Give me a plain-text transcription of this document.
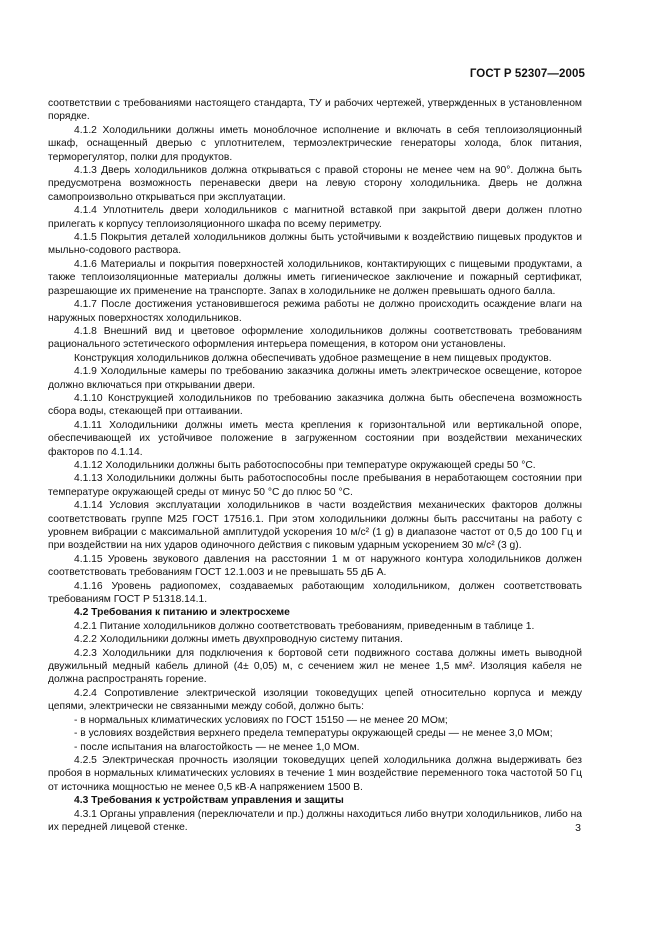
ГОСТ Р 52307—2005

соответствии с требованиями настоящего стандарта, ТУ и рабочих чертежей, утвержденных в установленном порядке.

4.1.2 Холодильники должны иметь моноблочное исполнение и включать в себя теплоизоляционный шкаф, оснащенный дверью с уплотнителем, термоэлектрические генераторы холода, блок питания, терморегулятор, полки для продуктов.

4.1.3 Дверь холодильников должна открываться с правой стороны не менее чем на 90°. Должна быть предусмотрена возможность перенавески двери на левую сторону холодильника. Дверь не должна самопроизвольно открываться при эксплуатации.

4.1.4 Уплотнитель двери холодильников с магнитной вставкой при закрытой двери должен плотно прилегать к корпусу теплоизоляционного шкафа по всему периметру.

4.1.5 Покрытия деталей холодильников должны быть устойчивыми к воздействию пищевых продуктов и мыльно-содового раствора.

4.1.6 Материалы и покрытия поверхностей холодильников, контактирующих с пищевыми продуктами, а также теплоизоляционные материалы должны иметь гигиеническое заключение и пожарный сертификат, разрешающие их применение на транспорте. Запах в холодильнике не должен превышать одного балла.

4.1.7 После достижения установившегося режима работы не должно происходить осаждение влаги на наружных поверхностях холодильников.

4.1.8 Внешний вид и цветовое оформление холодильников должны соответствовать требованиям рационального эстетического оформления интерьера помещения, в котором они установлены.

Конструкция холодильников должна обеспечивать удобное размещение в нем пищевых продуктов.

4.1.9 Холодильные камеры по требованию заказчика должны иметь электрическое освещение, которое должно включаться при открывании двери.

4.1.10 Конструкцией холодильников по требованию заказчика должна быть обеспечена возможность сбора воды, стекающей при оттаивании.

4.1.11 Холодильники должны иметь места крепления к горизонтальной или вертикальной опоре, обеспечивающей их устойчивое положение в загруженном состоянии при воздействии механических факторов по 4.1.14.

4.1.12 Холодильники должны быть работоспособны при температуре окружающей среды 50 °С.

4.1.13 Холодильники должны быть работоспособны после пребывания в неработающем состоянии при температуре окружающей среды от минус 50 °С до плюс 50 °С.

4.1.14 Условия эксплуатации холодильников в части воздействия механических факторов должны соответствовать группе М25 ГОСТ 17516.1. При этом холодильники должны быть рассчитаны на работу с уровнем вибрации с максимальной амплитудой ускорения 10 м/с² (1 g) в диапазоне частот от 0,5 до 100 Гц и при воздействии на них ударов одиночного действия с пиковым ударным ускорением 30 м/с² (3 g).

4.1.15 Уровень звукового давления на расстоянии 1 м от наружного контура холодильников должен соответствовать требованиям ГОСТ 12.1.003 и не превышать 55 дБ А.

4.1.16 Уровень радиопомех, создаваемых работающим холодильником, должен соответствовать требованиям ГОСТ Р 51318.14.1.

4.2 Требования к питанию и электросхеме

4.2.1 Питание холодильников должно соответствовать требованиям, приведенным в таблице 1.

4.2.2 Холодильники должны иметь двухпроводную систему питания.

4.2.3 Холодильники для подключения к бортовой сети подвижного состава должны иметь выводной двужильный медный кабель длиной (4± 0,05) м, с сечением жил не менее 1,5 мм². Изоляция кабеля не должна распространять горение.

4.2.4 Сопротивление электрической изоляции токоведущих цепей относительно корпуса и между цепями, электрически не связанными между собой, должно быть:

- в нормальных климатических условиях по ГОСТ 15150 — не менее 20 МОм;

- в условиях воздействия верхнего предела температуры окружающей среды — не менее 3,0 МОм;

- после испытания на влагостойкость — не менее 1,0 МОм.

4.2.5 Электрическая прочность изоляции токоведущих цепей холодильника должна выдерживать без пробоя в нормальных климатических условиях в течение 1 мин воздействие переменного тока частотой 50 Гц от источника мощностью не менее 0,5 кВ·А напряжением 1500 В.

4.3 Требования к устройствам управления и защиты

4.3.1 Органы управления (переключатели и пр.) должны находиться либо внутри холодильников, либо на их передней лицевой стенке.	3
